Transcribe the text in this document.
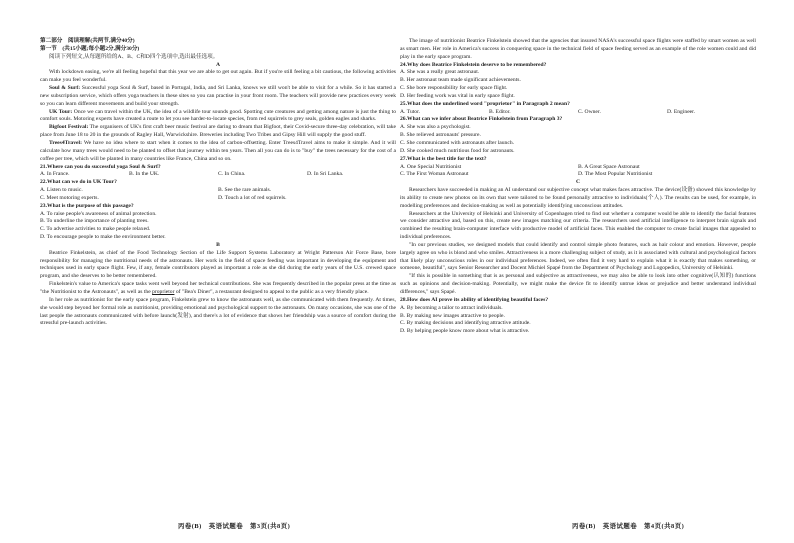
第二部分　阅读理解(共两节,满分40分)

第一节　(共15小题;每小题2分,满分30分)

阅读下列短文,从每题所给的A、B、C和D四个选项中,选出最佳选项。

A

With lockdown easing, we're all feeling hopeful that this year we are able to get out again. But if you're still feeling a bit cautious, the following activities can make you feel wonderful.

Soul & Surf: Successful yoga Soul & Surf, based in Portugal, India, and Sri Lanka, knows we still won't be able to visit for a while. So it has started a new subscription service, which offers yoga teachers in these sites so you can practise in your front room. The teachers will provide new practices every week so you can learn different movements and build your strength.

UK Tour: Once we can travel within the UK, the idea of a wildlife tour sounds good. Spotting cute creatures and getting among nature is just the thing to comfort souls. Motoring experts have created a route to let you see harder-to-locate species, from red squirrels to grey seals, golden eagles and sharks.

Bigfoot Festival: The organisers of UK's first craft beer music festival are daring to dream that Bigfoot, their Covid-secure three-day celebration, will take place from June 18 to 20 in the grounds of Ragley Hall, Warwickshire. Breweries including Two Tribes and Gipsy Hill will supply the good stuff.

Trees4Travel: We have no idea where to start when it comes to the idea of carbon-offsetting. Enter Trees4Travel aims to make it simple. And it will calculate how many trees would need to be planted to offset that journey within ten years. Then all you can do is to "buy" the trees necessary for the cost of a coffee per tree, which will be planted in many countries like France, China and so on.

21.Where can you do successful yoga Soul & Surf?

A. In France.	B. In the UK.	C. In China.	D. In Sri Lanka.

22.What can we do in UK Tour?

A. Listen to music.	B. See the rare animals.
C. Meet motoring experts.	D. Touch a lot of red squirrels.

23.What is the purpose of this passage?

A. To raise people's awareness of animal protection.

B. To underline the importance of planting trees.

C. To advertise activities to make people relaxed.

D. To encourage people to make the environment better.

B

Beatrice Finkelstein, as chief of the Food Technology Section of the Life Support Systems Laboratory at Wright Patterson Air Force Base, bore responsibility for managing the nutritional needs of the astronauts. Her work in the field of space feeding was important in developing the equipment and techniques used in early space flight. Few, if any, female contributors played as important a role as she did during the early years of the U.S. crewed space program, and she deserves to be better remembered.

Finkelstein's value to America's space tasks went well beyond her technical contributions. She was frequently described in the popular press at the time as "the Nutritionist to the Astronauts", as well as the proprietor of "Bea's Diner", a restaurant designed to appeal to the public as a very friendly place.

In her role as nutritionist for the early space program, Finkelstein grew to know the astronauts well, as she communicated with them frequently. At times, she would step beyond her formal role as nutritionist, providing emotional and psychological support to the astronauts. On many occasions, she was one of the last people the astronauts communicated with before launch(发射), and there's a lot of evidence that shows her friendship was a source of comfort during the stressful pre-launch activities.

The image of nutritionist Beatrice Finkelstein showed that the agencies that insured NASA's successful space flights were staffed by smart women as well as smart men. Her role in America's success in conquering space in the technical field of space feeding served as an example of the role women could and did play in the early space program.

24.Why does Beatrice Finkelstein deserve to be remembered?

A. She was a really great astronaut.

B. Her astronaut team made significant achievements.

C. She bore responsibility for early space flight.

D. Her feeding work was vital in early space flight.

25.What does the underlined word "proprietor" in Paragraph 2 mean?

A. Tutor.	B. Editor.	C. Owner.	D. Engineer.

26.What can we infer about Beatrice Finkelstein from Paragraph 3?

A. She was also a psychologist.

B. She relieved astronauts' pressure.

C. She communicated with astronauts after launch.

D. She cooked much nutritious food for astronauts.

27.What is the best title for the text?

A. One Special Nutritionist	B. A Great Space Astronaut
C. The First Woman Astronaut	D. The Most Popular Nutritionist

C

Researchers have succeeded in making an AI understand our subjective concept what makes faces attractive. The device(设备) showed this knowledge by its ability to create new photos on its own that were tailored to be found personally attractive to individuals(个人). The results can be used, for example, in modelling preferences and decision-making as well as potentially identifying unconscious attitudes.

Researchers at the University of Helsinki and University of Copenhagen tried to find out whether a computer would be able to identify the facial features we consider attractive and, based on this, create new images matching our criteria. The researchers used artificial intelligence to interpret brain signals and combined the resulting brain-computer interface with productive model of artificial faces. This enabled the computer to create facial images that appealed to individual preferences.

"In our previous studies, we designed models that could identify and control simple photo features, such as hair colour and emotion. However, people largely agree on who is blond and who smiles. Attractiveness is a more challenging subject of study, as it is associated with cultural and psychological factors that likely play unconscious roles in our individual preferences. Indeed, we often find it very hard to explain what it is exactly that makes something, or someone, beautiful", says Senior Researcher and Docent Michiel Spapé from the Department of Psychology and Logopedics, University of Helsinki.

"If this is possible in something that is as personal and subjective as attractiveness, we may also be able to look into other cognitive(认知的) functions such as opinions and decision-making. Potentially, we might make the device fit to identify untrue ideas or prejudice and better understand individual differences," says Spapé.

28.How does AI prove its ability of identifying beautiful faces?

A. By becoming a tailor to attract individuals.

B. By making new images attractive to people.

C. By making decisions and identifying attractive attitude.

D. By helping people know more about what is attractive.

丙卷(B)　英语试题卷　第3页(共8页)	丙卷(B)　英语试题卷　第4页(共8页)
